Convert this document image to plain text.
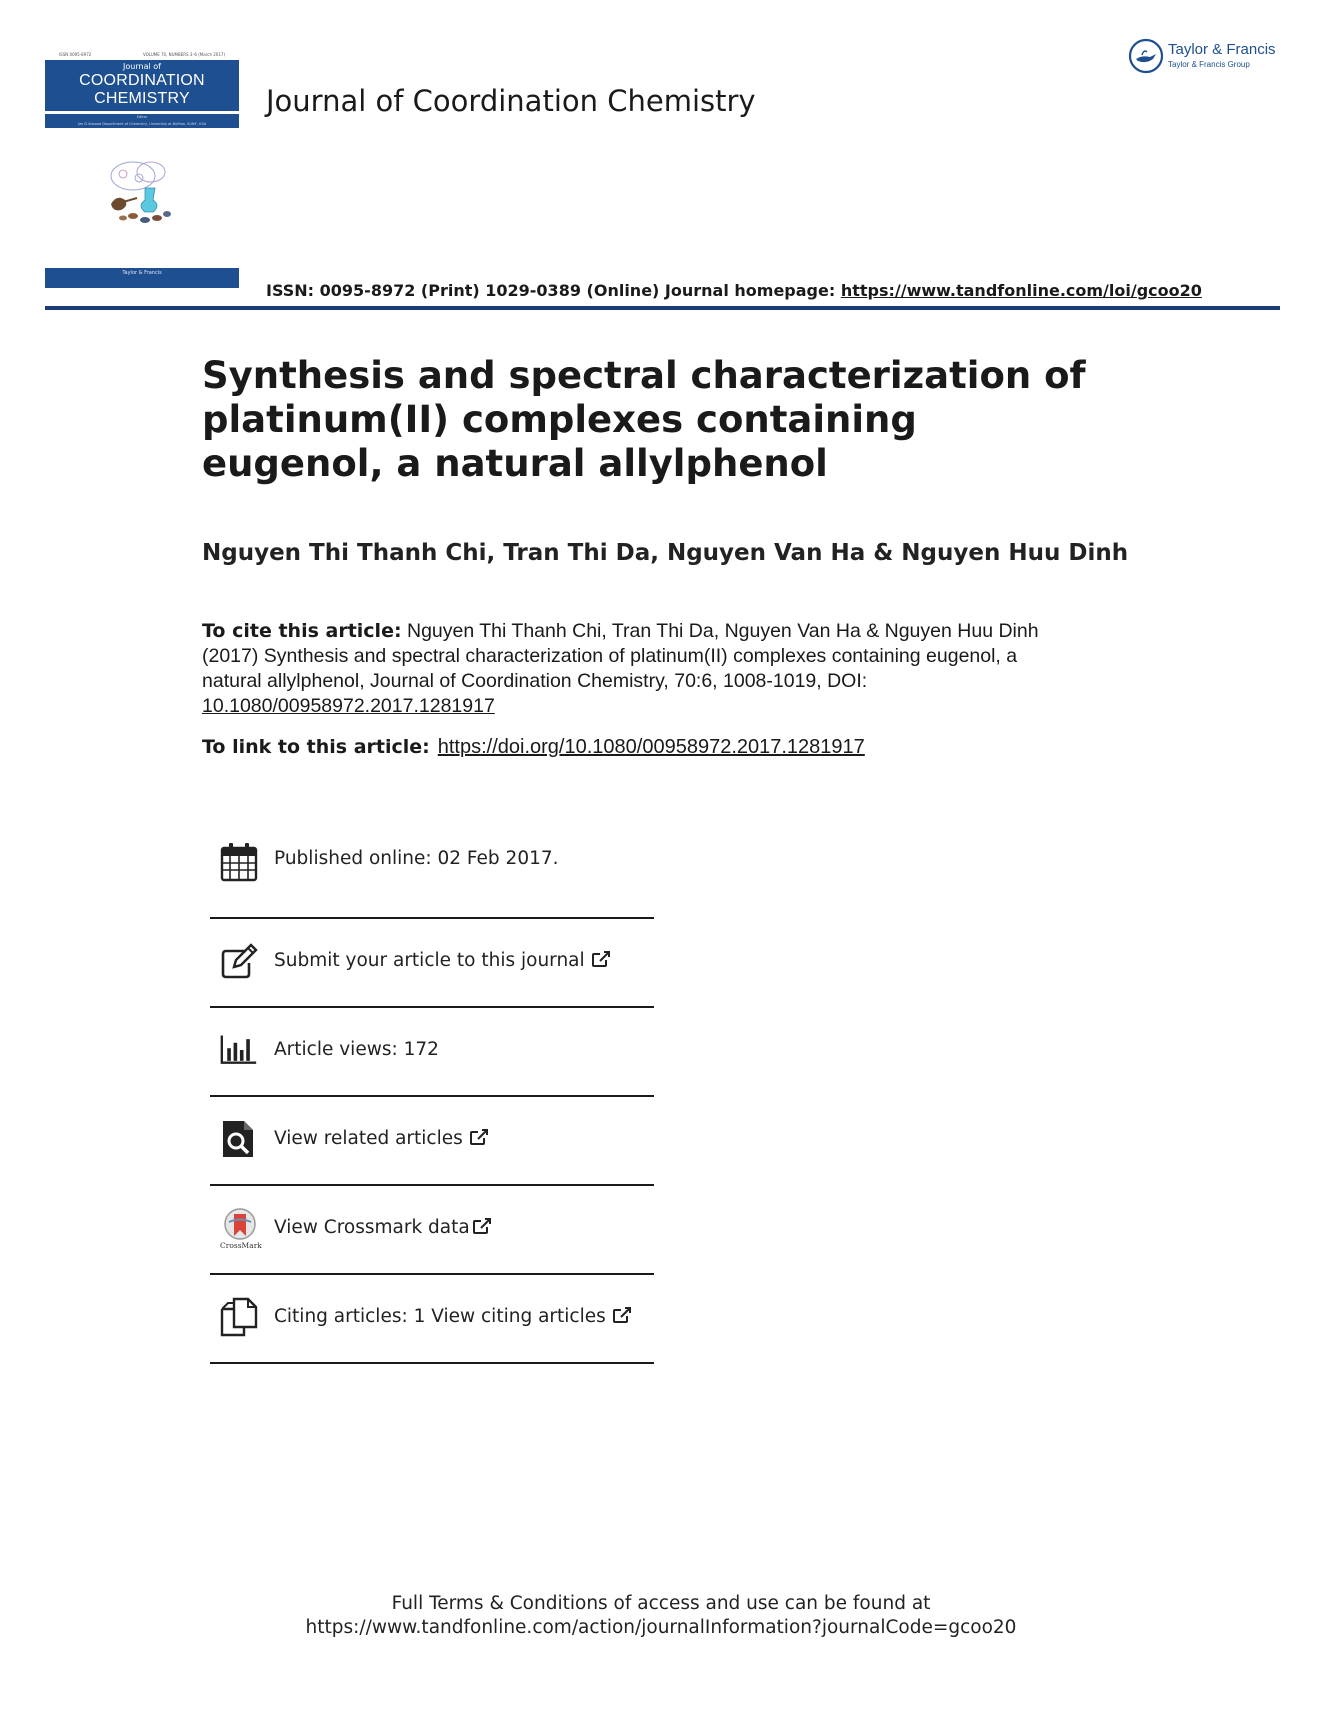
ISSN 0095-8972	VOLUME 70, NUMBERS 3–6 (March 2017)
Journal of
COORDINATION
CHEMISTRY
Editor
Jim D Atwood Department of Chemistry, University at Buffalo, SUNY, USA
Taylor & Francis
Journal of Coordination Chemistry
Taylor & Francis
Taylor & Francis Group
ISSN: 0095-8972 (Print) 1029-0389 (Online) Journal homepage: https://www.tandfonline.com/loi/gcoo20
Synthesis and spectral characterization of platinum(II) complexes containing eugenol, a natural allylphenol
Nguyen Thi Thanh Chi, Tran Thi Da, Nguyen Van Ha & Nguyen Huu Dinh
To cite this article: Nguyen Thi Thanh Chi, Tran Thi Da, Nguyen Van Ha & Nguyen Huu Dinh (2017) Synthesis and spectral characterization of platinum(II) complexes containing eugenol, a natural allylphenol, Journal of Coordination Chemistry, 70:6, 1008-1019, DOI: 10.1080/00958972.2017.1281917
To link to this article: https://doi.org/10.1080/00958972.2017.1281917
Published online: 02 Feb 2017.
Submit your article to this journal
Article views: 172
View related articles
CrossMark
View Crossmark data
Citing articles: 1 View citing articles
Full Terms & Conditions of access and use can be found at
https://www.tandfonline.com/action/journalInformation?journalCode=gcoo20
